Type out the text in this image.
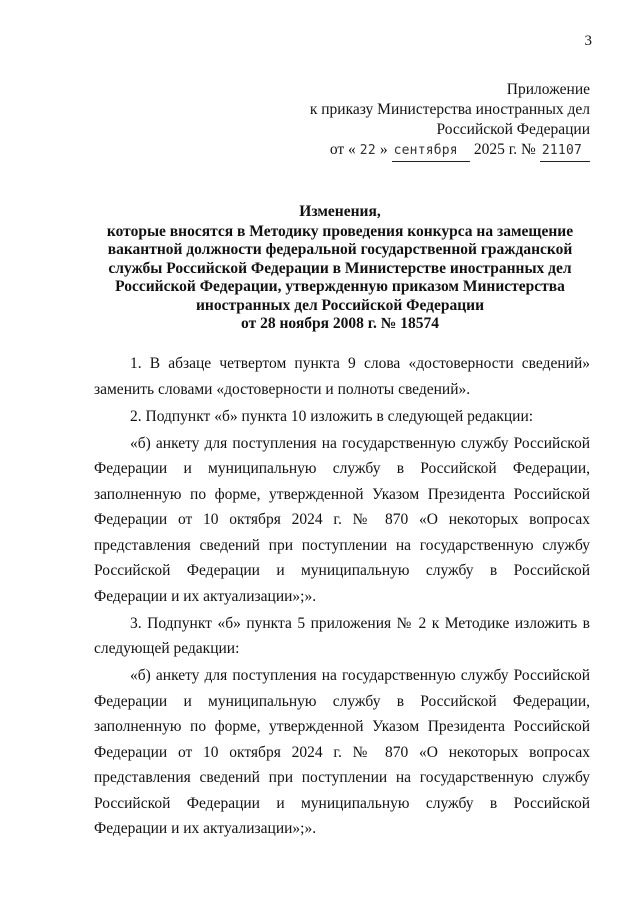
3
Приложение
к приказу Министерства иностранных дел
Российской Федерации
от « 22 » сентября	2025 г. № 21107
Изменения,
которые вносятся в Методику проведения конкурса на замещение
вакантной должности федеральной государственной гражданской
службы Российской Федерации в Министерстве иностранных дел
Российской Федерации, утвержденную приказом Министерства
иностранных дел Российской Федерации
от 28 ноября 2008 г. № 18574

1. В абзаце четвертом пункта 9 слова «достоверности сведений» заменить словами «достоверности и полноты сведений».

2. Подпункт «б» пункта 10 изложить в следующей редакции:

«б) анкету для поступления на государственную службу Российской Федерации и муниципальную службу в Российской Федерации, заполненную по форме, утвержденной Указом Президента Российской Федерации от 10 октября 2024 г. № 870 «О некоторых вопросах представления сведений при поступлении на государственную службу Российской Федерации и муниципальную службу в Российской Федерации и их актуализации»;».

3. Подпункт «б» пункта 5 приложения № 2 к Методике изложить в следующей редакции:

«б) анкету для поступления на государственную службу Российской Федерации и муниципальную службу в Российской Федерации, заполненную по форме, утвержденной Указом Президента Российской Федерации от 10 октября 2024 г. № 870 «О некоторых вопросах представления сведений при поступлении на государственную службу Российской Федерации и муниципальную службу в Российской Федерации и их актуализации»;».
